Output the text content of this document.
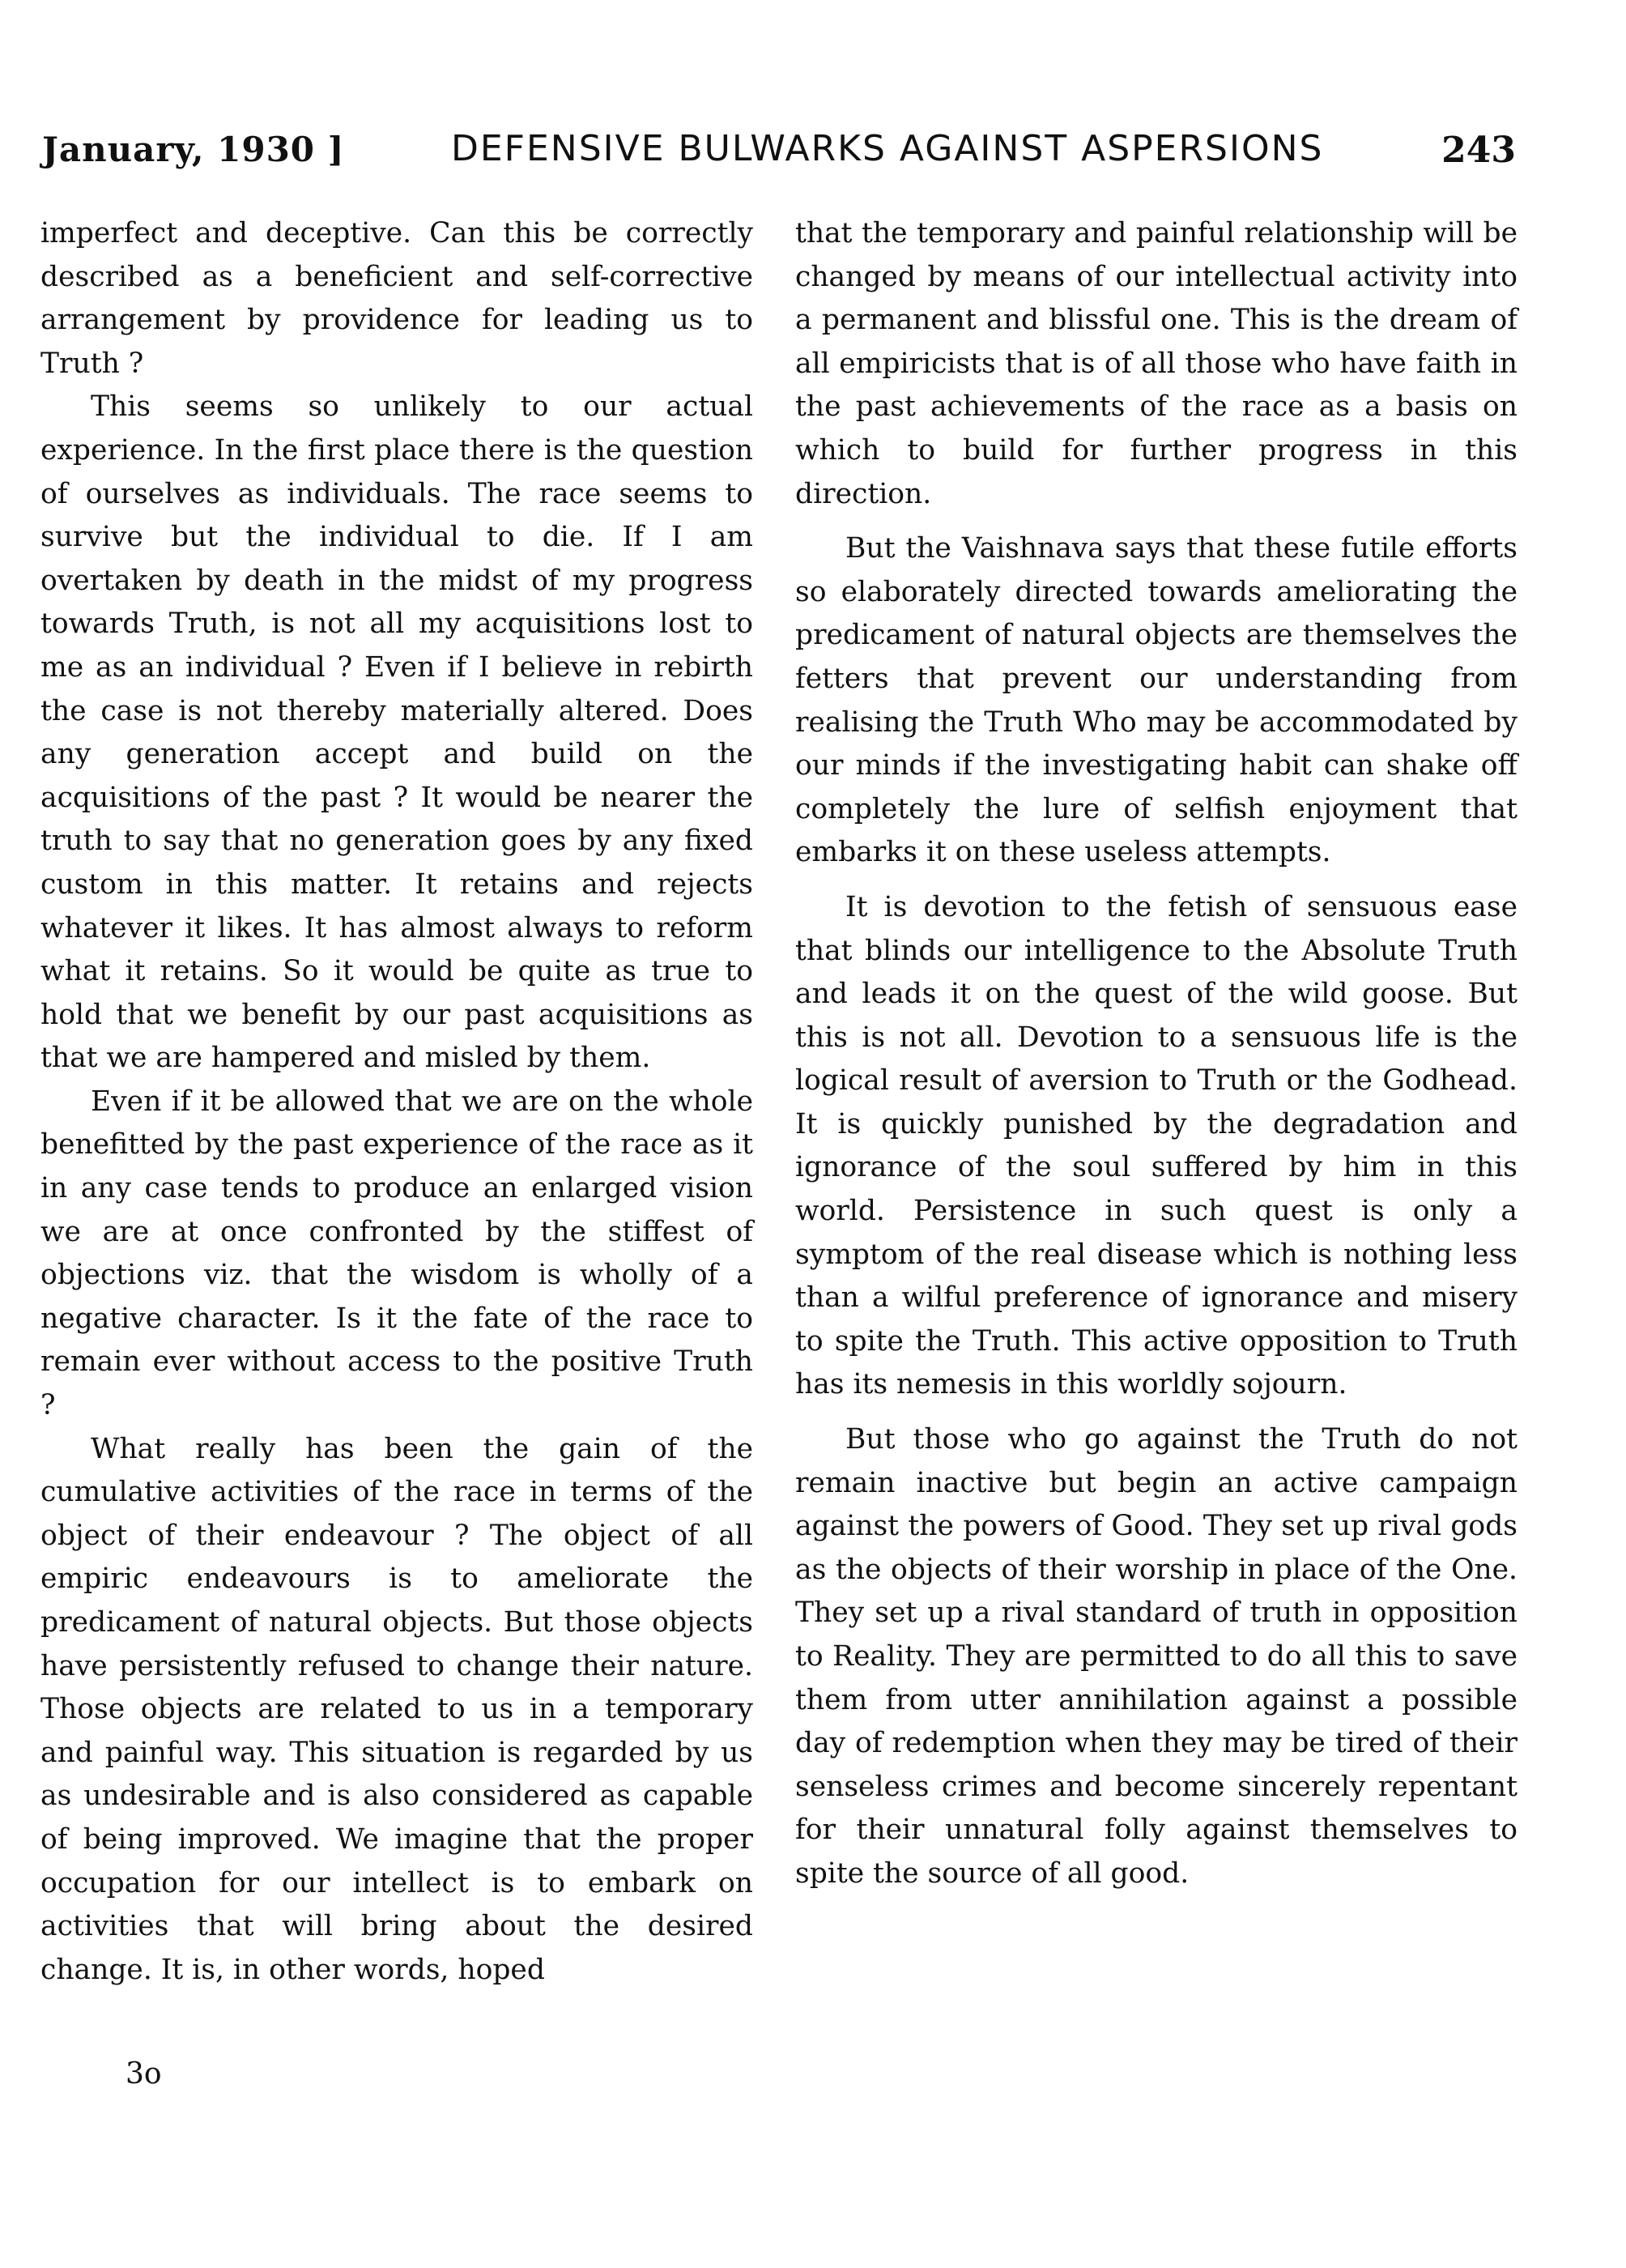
January, 1930 ]	DEFENSIVE BULWARKS AGAINST ASPERSIONS	243

imperfect and deceptive. Can this be correctly described as a beneficient and self-corrective arrangement by providence for leading us to Truth ?

This seems so unlikely to our actual experience. In the first place there is the question of ourselves as individuals. The race seems to survive but the individual to die. If I am overtaken by death in the midst of my progress towards Truth, is not all my acquisitions lost to me as an individual ? Even if I believe in rebirth the case is not thereby materially altered. Does any generation accept and build on the acquisitions of the past ? It would be nearer the truth to say that no generation goes by any fixed custom in this matter. It retains and rejects whatever it likes. It has almost always to reform what it retains. So it would be quite as true to hold that we benefit by our past acquisitions as that we are hampered and misled by them.

Even if it be allowed that we are on the whole benefitted by the past experience of the race as it in any case tends to produce an enlarged vision we are at once confronted by the stiffest of objections viz. that the wisdom is wholly of a negative character. Is it the fate of the race to remain ever without access to the positive Truth ?

What really has been the gain of the cumulative activities of the race in terms of the object of their endeavour ? The object of all empiric endeavours is to ameliorate the predicament of natural objects. But those objects have persistently refused to change their nature. Those objects are related to us in a temporary and painful way. This situation is regarded by us as undesirable and is also considered as capable of being improved. We imagine that the proper occupation for our intellect is to embark on activities that will bring about the desired change. It is, in other words, hoped

3o

that the temporary and painful relationship will be changed by means of our intellectual activity into a permanent and blissful one. This is the dream of all empiricists that is of all those who have faith in the past achievements of the race as a basis on which to build for further progress in this direction.

But the Vaishnava says that these futile efforts so elaborately directed towards ameliorating the predicament of natural objects are themselves the fetters that prevent our understanding from realising the Truth Who may be accommodated by our minds if the investigating habit can shake off completely the lure of selfish enjoyment that embarks it on these useless attempts.

It is devotion to the fetish of sensuous ease that blinds our intelligence to the Absolute Truth and leads it on the quest of the wild goose. But this is not all. Devotion to a sensuous life is the logical result of aversion to Truth or the Godhead. It is quickly punished by the degradation and ignorance of the soul suffered by him in this world. Persistence in such quest is only a symptom of the real disease which is nothing less than a wilful preference of ignorance and misery to spite the Truth. This active opposition to Truth has its nemesis in this worldly sojourn.

But those who go against the Truth do not remain inactive but begin an active campaign against the powers of Good. They set up rival gods as the objects of their worship in place of the One. They set up a rival standard of truth in opposition to Reality. They are permitted to do all this to save them from utter annihilation against a possible day of redemption when they may be tired of their senseless crimes and become sincerely repentant for their unnatural folly against themselves to spite the source of all good.
